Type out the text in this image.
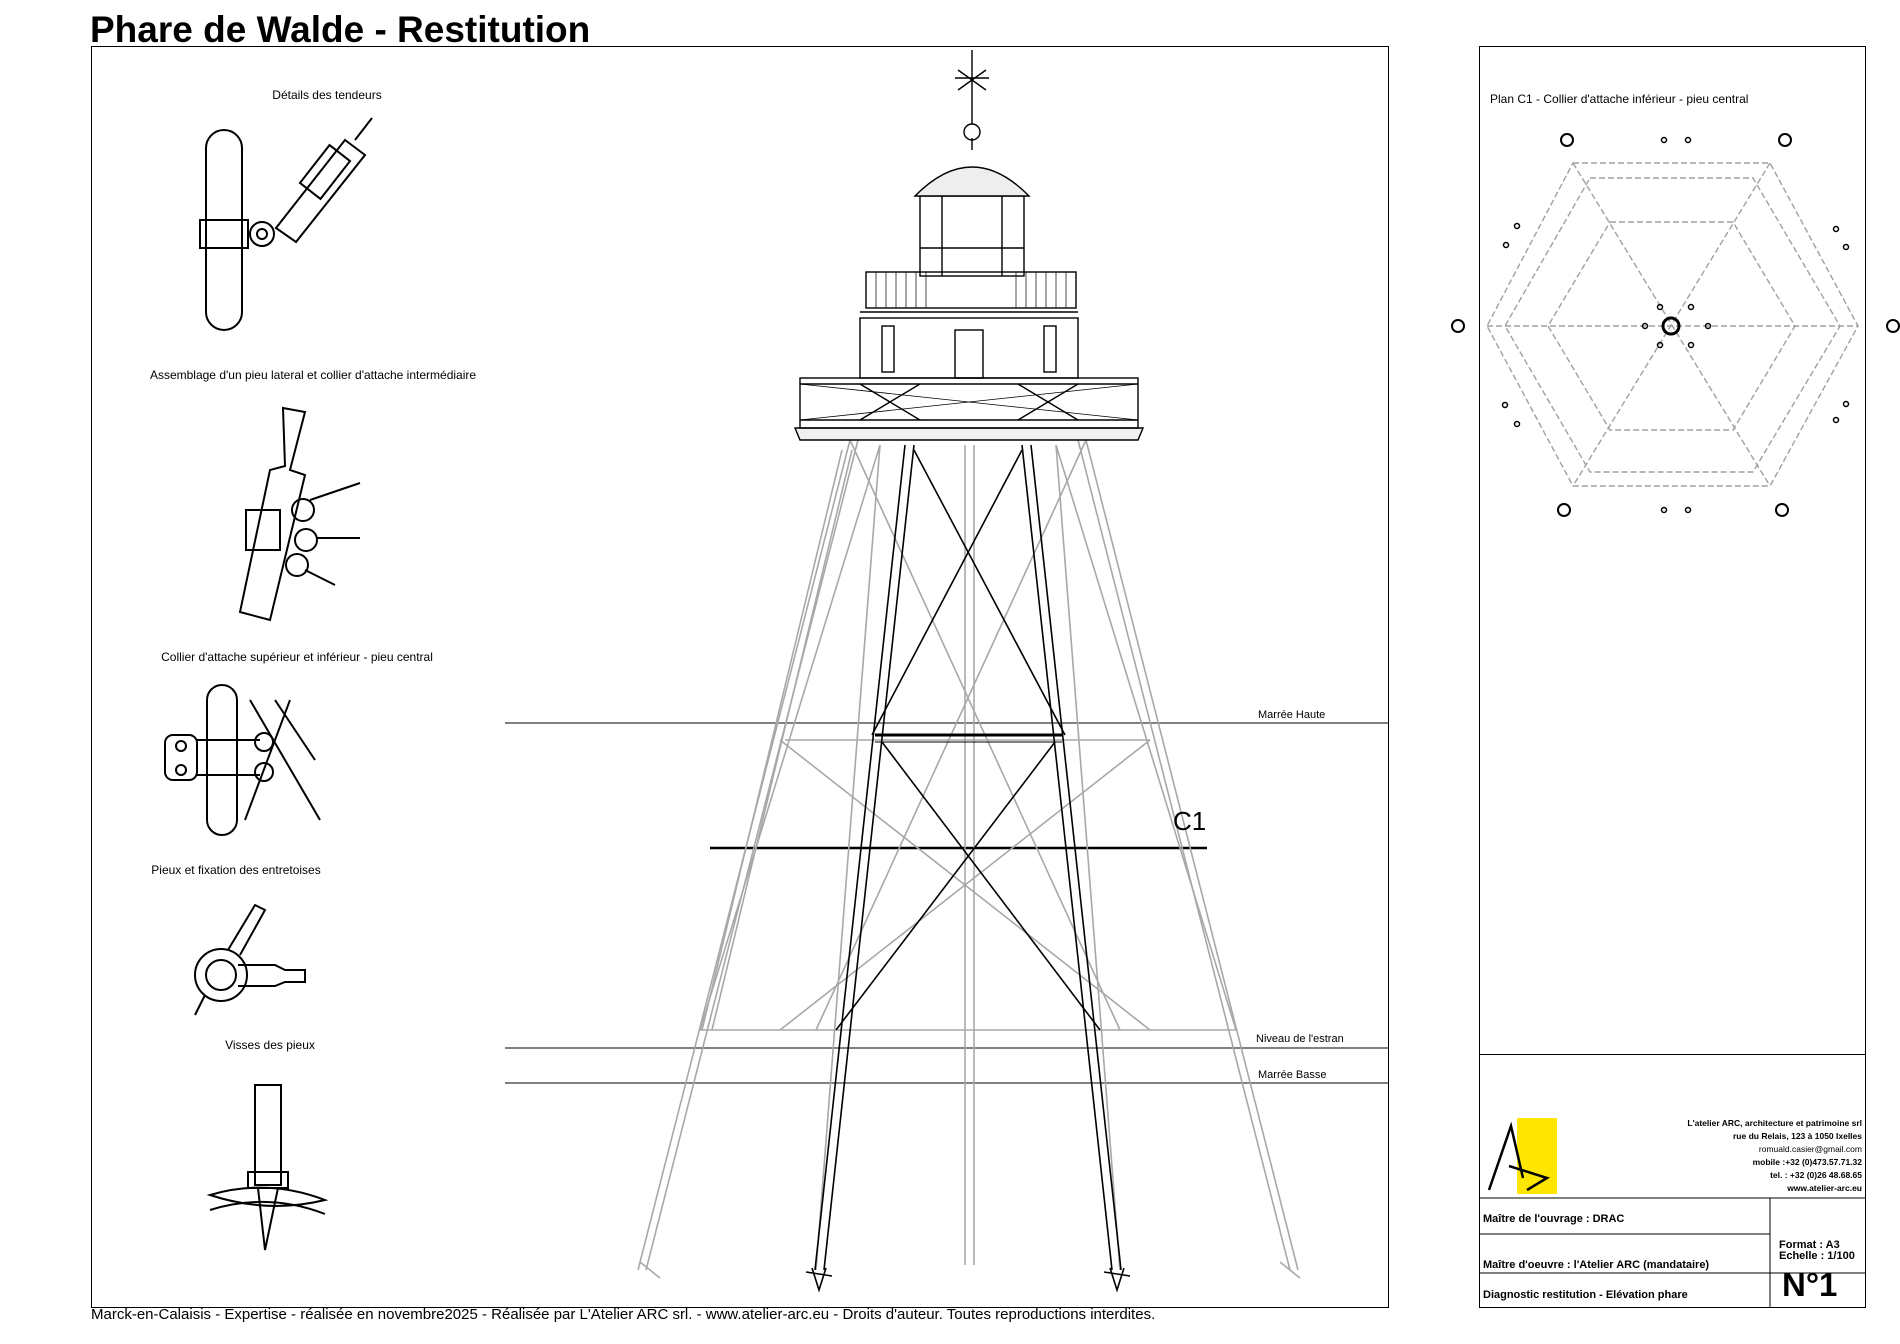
Phare de Walde - Restitution
Détails des tendeurs
Assemblage d'un pieu lateral et collier d'attache intermédiaire
Collier d'attache supérieur et inférieur - pieu central
Pieux et fixation des entretoises
Visses des pieux
Marrée Haute
Niveau de l'estran
Marrée Basse
C1
Plan C1 - Collier d'attache inférieur - pieu central
L'atelier ARC, architecture et patrimoine srl
rue du Relais, 123 à 1050 Ixelles
romuald.casier@gmail.com
mobile :+32 (0)473.57.71.32
tel. : +32 (0)26 48.68.65
www.atelier-arc.eu
Maître de l'ouvrage : DRAC
Maître d'oeuvre : l'Atelier ARC (mandataire)
Diagnostic restitution - Elévation phare
Format : A3
Echelle : 1/100
N°1
Marck-en-Calaisis - Expertise - réalisée en novembre2025 - Réalisée par L'Atelier ARC srl. - www.atelier-arc.eu - Droits d'auteur. Toutes reproductions interdites.
